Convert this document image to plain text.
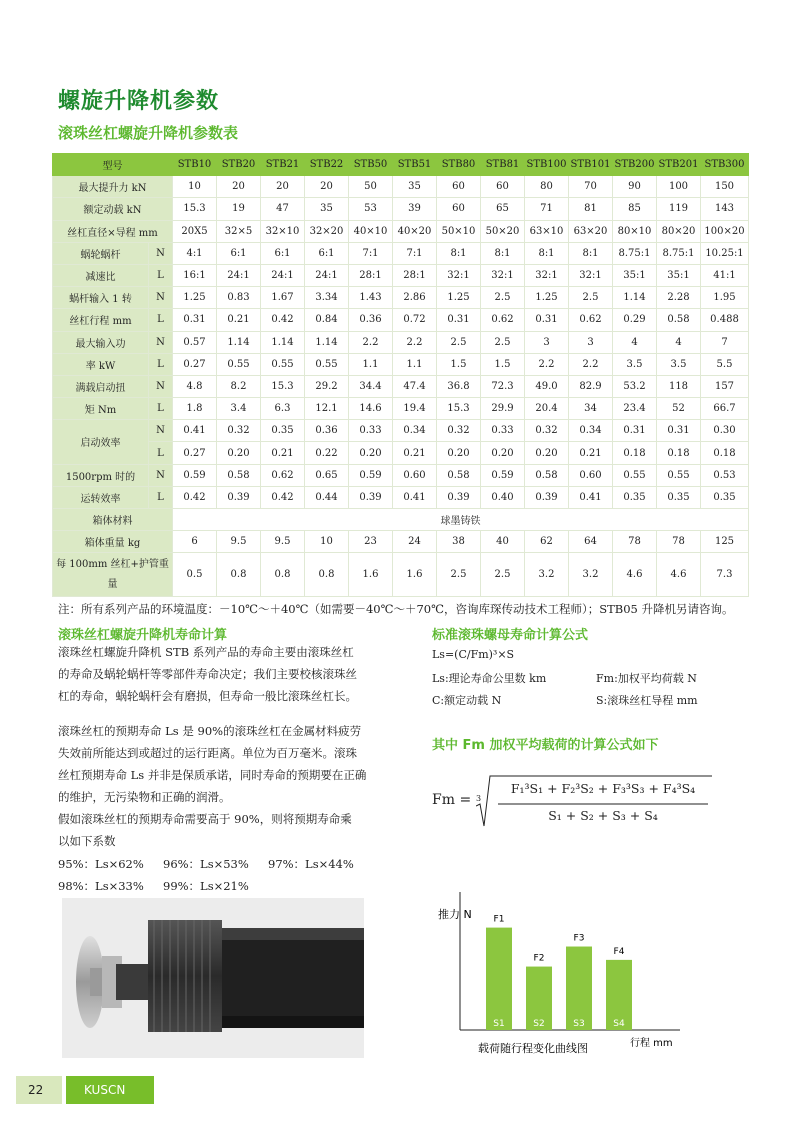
螺旋升降机参数
滚珠丝杠螺旋升降机参数表
型号		STB10	STB20	STB21	STB22	STB50	STB51	STB80	STB81	STB100	STB101	STB200	STB201	STB300
最大提升力 kN		10	20	20	20	50	35	60	60	80	70	90	100	150
额定动载 kN		15.3	19	47	35	53	39	60	65	71	81	85	119	143
丝杠直径×导程 mm		20X5	32×5	32×10	32×20	40×10	40×20	50×10	50×20	63×10	63×20	80×10	80×20	100×20
蜗轮蜗杆	N	4:1	6:1	6:1	6:1	7:1	7:1	8:1	8:1	8:1	8:1	8.75:1	8.75:1	10.25:1
减速比	L	16:1	24:1	24:1	24:1	28:1	28:1	32:1	32:1	32:1	32:1	35:1	35:1	41:1
蜗杆输入 1 转	N	1.25	0.83	1.67	3.34	1.43	2.86	1.25	2.5	1.25	2.5	1.14	2.28	1.95
丝杠行程 mm	L	0.31	0.21	0.42	0.84	0.36	0.72	0.31	0.62	0.31	0.62	0.29	0.58	0.488
最大输入功	N	0.57	1.14	1.14	1.14	2.2	2.2	2.5	2.5	3	3	4	4	7
率 kW	L	0.27	0.55	0.55	0.55	1.1	1.1	1.5	1.5	2.2	2.2	3.5	3.5	5.5
满载启动扭	N	4.8	8.2	15.3	29.2	34.4	47.4	36.8	72.3	49.0	82.9	53.2	118	157
矩 Nm	L	1.8	3.4	6.3	12.1	14.6	19.4	15.3	29.9	20.4	34	23.4	52	66.7
启动效率	N	0.41	0.32	0.35	0.36	0.33	0.34	0.32	0.33	0.32	0.34	0.31	0.31	0.30
	L	0.27	0.20	0.21	0.22	0.20	0.21	0.20	0.20	0.20	0.21	0.18	0.18	0.18
1500rpm 时的	N	0.59	0.58	0.62	0.65	0.59	0.60	0.58	0.59	0.58	0.60	0.55	0.55	0.53
运转效率	L	0.42	0.39	0.42	0.44	0.39	0.41	0.39	0.40	0.39	0.41	0.35	0.35	0.35
箱体材料		球墨铸铁												
箱体重量 kg		6	9.5	9.5	10	23	24	38	40	62	64	78	78	125
每 100mm 丝杠+护管重量		0.5	0.8	0.8	0.8	1.6	1.6	2.5	2.5	3.2	3.2	4.6	4.6	7.3
注：所有系列产品的环境温度：－10℃～＋40℃（如需要－40℃～＋70℃，咨询库琛传动技术工程师）；STB05 升降机另请咨询。
滚珠丝杠螺旋升降机寿命计算
滚珠丝杠螺旋升降机 STB 系列产品的寿命主要由滚珠丝杠
的寿命及蜗轮蜗杆等零部件寿命决定；我们主要校核滚珠丝
杠的寿命，蜗轮蜗杆会有磨损，但寿命一般比滚珠丝杠长。
滚珠丝杠的预期寿命 Ls 是 90%的滚珠丝杠在金属材料疲劳
失效前所能达到或超过的运行距离。单位为百万毫米。滚珠
丝杠预期寿命 Ls 并非是保质承诺，同时寿命的预期要在正确
的维护，无污染物和正确的润滑。
假如滚珠丝杠的预期寿命需要高于 90%，则将预期寿命乘
以如下系数
95%：Ls×62%	96%：Ls×53%	97%：Ls×44%
98%：Ls×33%	99%：Ls×21%
标准滚珠螺母寿命计算公式
Ls=(C/Fm)³×S
Ls:理论寿命公里数 km	Fm:加权平均荷载 N
C:额定动载 N	S:滚珠丝杠导程 mm
其中 Fm 加权平均载荷的计算公式如下
Fm = 3
F₁³S₁ + F₂³S₂ + F₃³S₃ + F₄³S₄
S₁ + S₂ + S₃ + S₄
推力 N
行程 mm
载荷随行程变化曲线图
F1
S1
F2
S2
F3
S3
F4
S4
22	KUSCN
